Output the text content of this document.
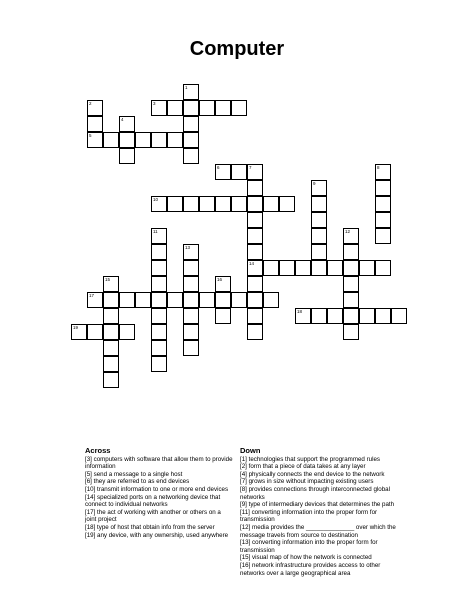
Computer
1
2	3
4
5
6	7
14
8
9
10
11	12
13
15	16
17
18
19
Across

[3] computers with software that allow them to provide information

[5] send a message to a single host

[6] they are referred to as end devices

[10] transmit information to one or more end devices

[14] specialized ports on a networking device that connect to individual networks

[17] the act of working with another or others on a joint project

[18] type of host that obtain info from the server

[19] any device, with any ownership, used anywhere

Down

[1] technologies that support the programmed rules

[2] form that a piece of data takes at any layer

[4] physically connects the end device to the network

[7] grows in size without impacting existing users

[8] provides connections through interconnected global networks

[9] type of intermediary devices that determines the path

[11] converting information into the proper form for transmission

[12] media provides the ______________ over which the message travels from source to destination

[13] converting information into the proper form for transmission

[15] visual map of how the network is connected

[16] network infrastructure provides access to other networks over a large geographical area
